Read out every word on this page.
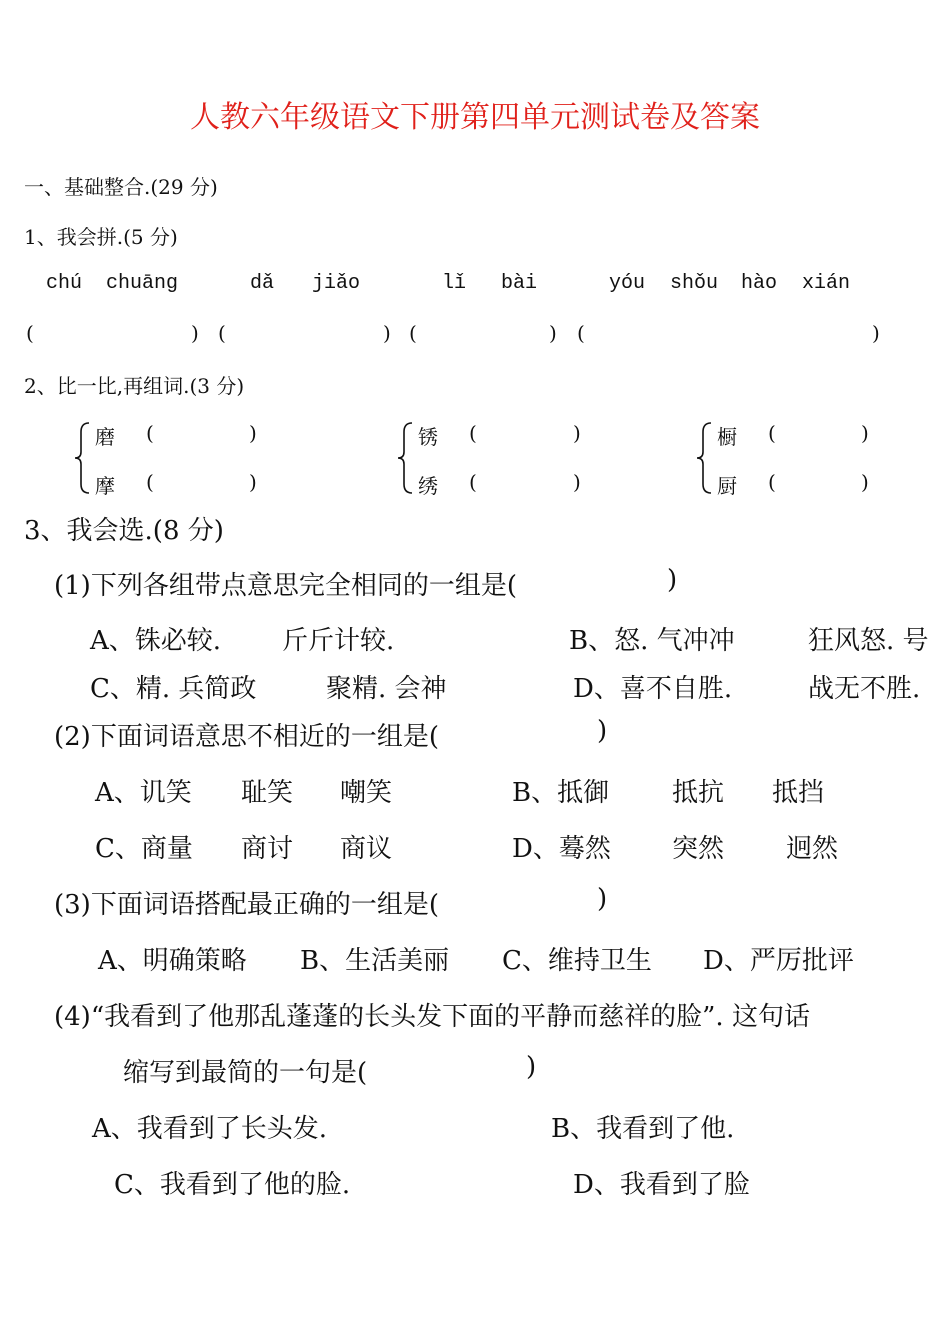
人教六年级语文下册第四单元测试卷及答案
一、基础整合.(29 分)
1、我会拼.(5 分)
chú chuāng	dǎ jiǎo	lǐ bài	yóu shǒu hào xián
(	) (	) (	) (	)
2、比一比,再组词.(3 分)
磨 (	)
摩 (	)
锈 (	)
绣 (	)
橱 (	)
厨 (	)
3、我会选.(8 分)
(1)下列各组带点意思完全相同的一组是(	)
A、铢必较. 斤斤计较.	B、怒. 气冲冲	狂风怒. 号
C、精. 兵简政	聚精. 会神	D、喜不自胜.	战无不胜.
(2)下面词语意思不相近的一组是(	)
A、讥笑 耻笑 嘲笑	B、抵御 抵抗 抵挡
C、商量 商讨 商议	D、蓦然 突然 迥然
(3)下面词语搭配最正确的一组是(	)
A、明确策略 B、生活美丽 C、维持卫生 D、严厉批评
(4)“我看到了他那乱蓬蓬的长头发下面的平静而慈祥的脸”. 这句话
缩写到最简的一句是(	)
A、我看到了长头发.	B、我看到了他.
C、我看到了他的脸.	D、我看到了脸
